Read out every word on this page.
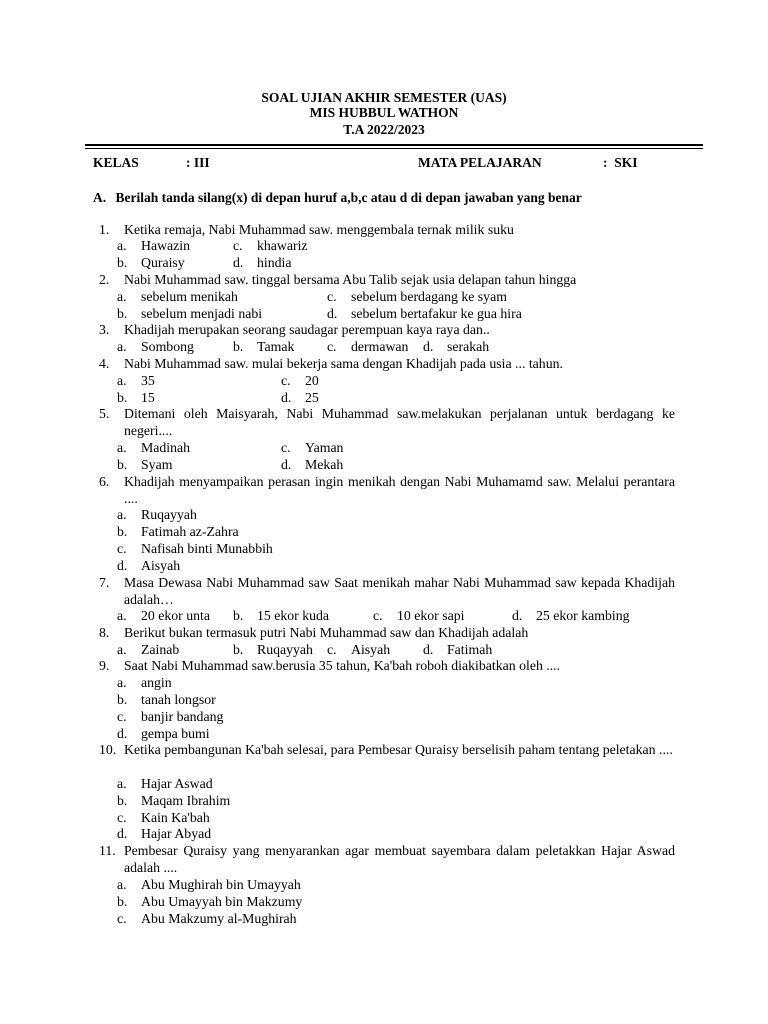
SOAL UJIAN AKHIR SEMESTER (UAS)
MIS HUBBUL WATHON
T.A 2022/2023
KELAS	: III	MATA PELAJARAN	:  SKI
A. Berilah tanda silang(x) di depan huruf a,b,c atau d di depan jawaban yang benar
1. Ketika remaja, Nabi Muhammad saw. menggembala ternak milik suku
a. Hawazin	c. khawariz
b. Quraisy	d. hindia
2. Nabi Muhammad saw. tinggal bersama Abu Talib sejak usia delapan tahun hingga
a. sebelum menikah	c. sebelum berdagang ke syam
b. sebelum menjadi nabi	d. sebelum bertafakur ke gua hira
3. Khadijah merupakan seorang saudagar perempuan kaya raya dan..
a. Sombong	b. Tamak c. dermawan d. serakah
4. Nabi Muhammad saw. mulai bekerja sama dengan Khadijah pada usia ... tahun.
a. 35	c. 20
b. 15	d. 25
5. Ditemani oleh Maisyarah, Nabi Muhammad saw.melakukan perjalanan untuk berdagang ke negeri....
a. Madinah	c. Yaman
b. Syam	d. Mekah
6. Khadijah menyampaikan perasan ingin menikah dengan Nabi Muhamamd saw. Melalui perantara ....
a. Ruqayyah
b. Fatimah az-Zahra
c. Nafisah binti Munabbih
d. Aisyah
7. Masa Dewasa Nabi Muhammad saw Saat menikah mahar Nabi Muhammad saw kepada Khadijah adalah…
a. 20 ekor unta b. 15 ekor kuda	c. 10 ekor sapi	d. 25 ekor kambing
8. Berikut bukan termasuk putri Nabi Muhammad saw dan Khadijah adalah
a. Zainab	b. Ruqayyah c. Aisyah d. Fatimah
9. Saat Nabi Muhammad saw.berusia 35 tahun, Ka'bah roboh diakibatkan oleh ....
a. angin
b. tanah longsor
c. banjir bandang
d. gempa bumi
10. Ketika pembangunan Ka'bah selesai, para Pembesar Quraisy berselisih paham tentang peletakan ....
a. Hajar Aswad
b. Maqam Ibrahim
c. Kain Ka'bah
d. Hajar Abyad
11. Pembesar Quraisy yang menyarankan agar membuat sayembara dalam peletakkan Hajar Aswad adalah ....
a. Abu Mughirah bin Umayyah
b. Abu Umayyah bin Makzumy
c. Abu Makzumy al-Mughirah
